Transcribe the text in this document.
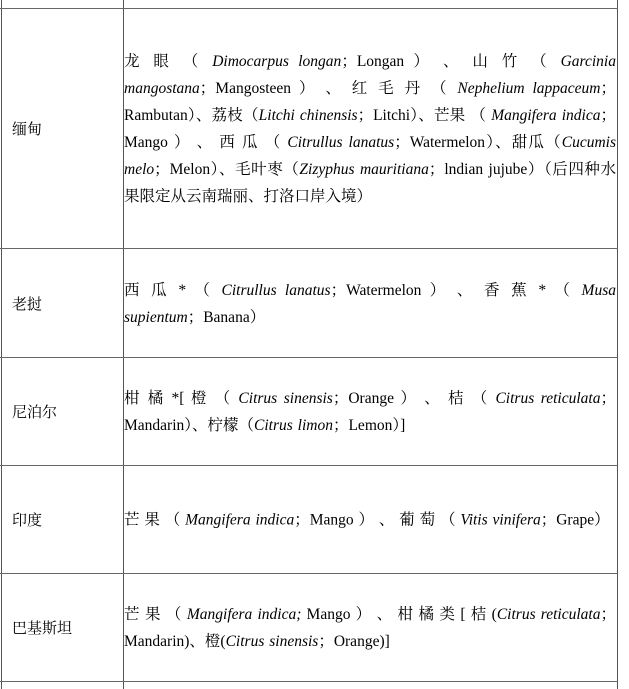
缅甸
龙 眼 （ Dimocarpus longan；Longan ） 、 山 竹 （ Garcinia mangostana；Mangosteen ） 、 红 毛 丹 （ Nephelium lappaceum；Rambutan）、荔枝（Litchi chinensis；Litchi）、芒果 （ Mangifera indica；Mango ） 、 西 瓜 （ Citrullus lanatus；Watermelon）、甜瓜（Cucumis melo；Melon）、毛叶枣（Zizyphus mauritiana；lndian jujube）（后四种水果限定从云南瑞丽、打洛口岸入境）
老挝
西 瓜 * （ Citrullus lanatus；Watermelon ） 、 香 蕉 * （ Musa supientum；Banana）
尼泊尔
柑 橘 *[ 橙 （ Citrus sinensis；Orange ） 、 桔 （ Citrus reticulata；Mandarin）、柠檬（Citrus limon；Lemon）]
印度	芒 果 （ Mangifera indica；Mango ） 、 葡 萄 （ Vitis vinifera；Grape）
巴基斯坦
芒 果 （ Mangifera indica; Mango ） 、 柑 橘 类 [ 桔 (Citrus reticulata；Mandarin)、橙(Citrus sinensis；Orange)]
